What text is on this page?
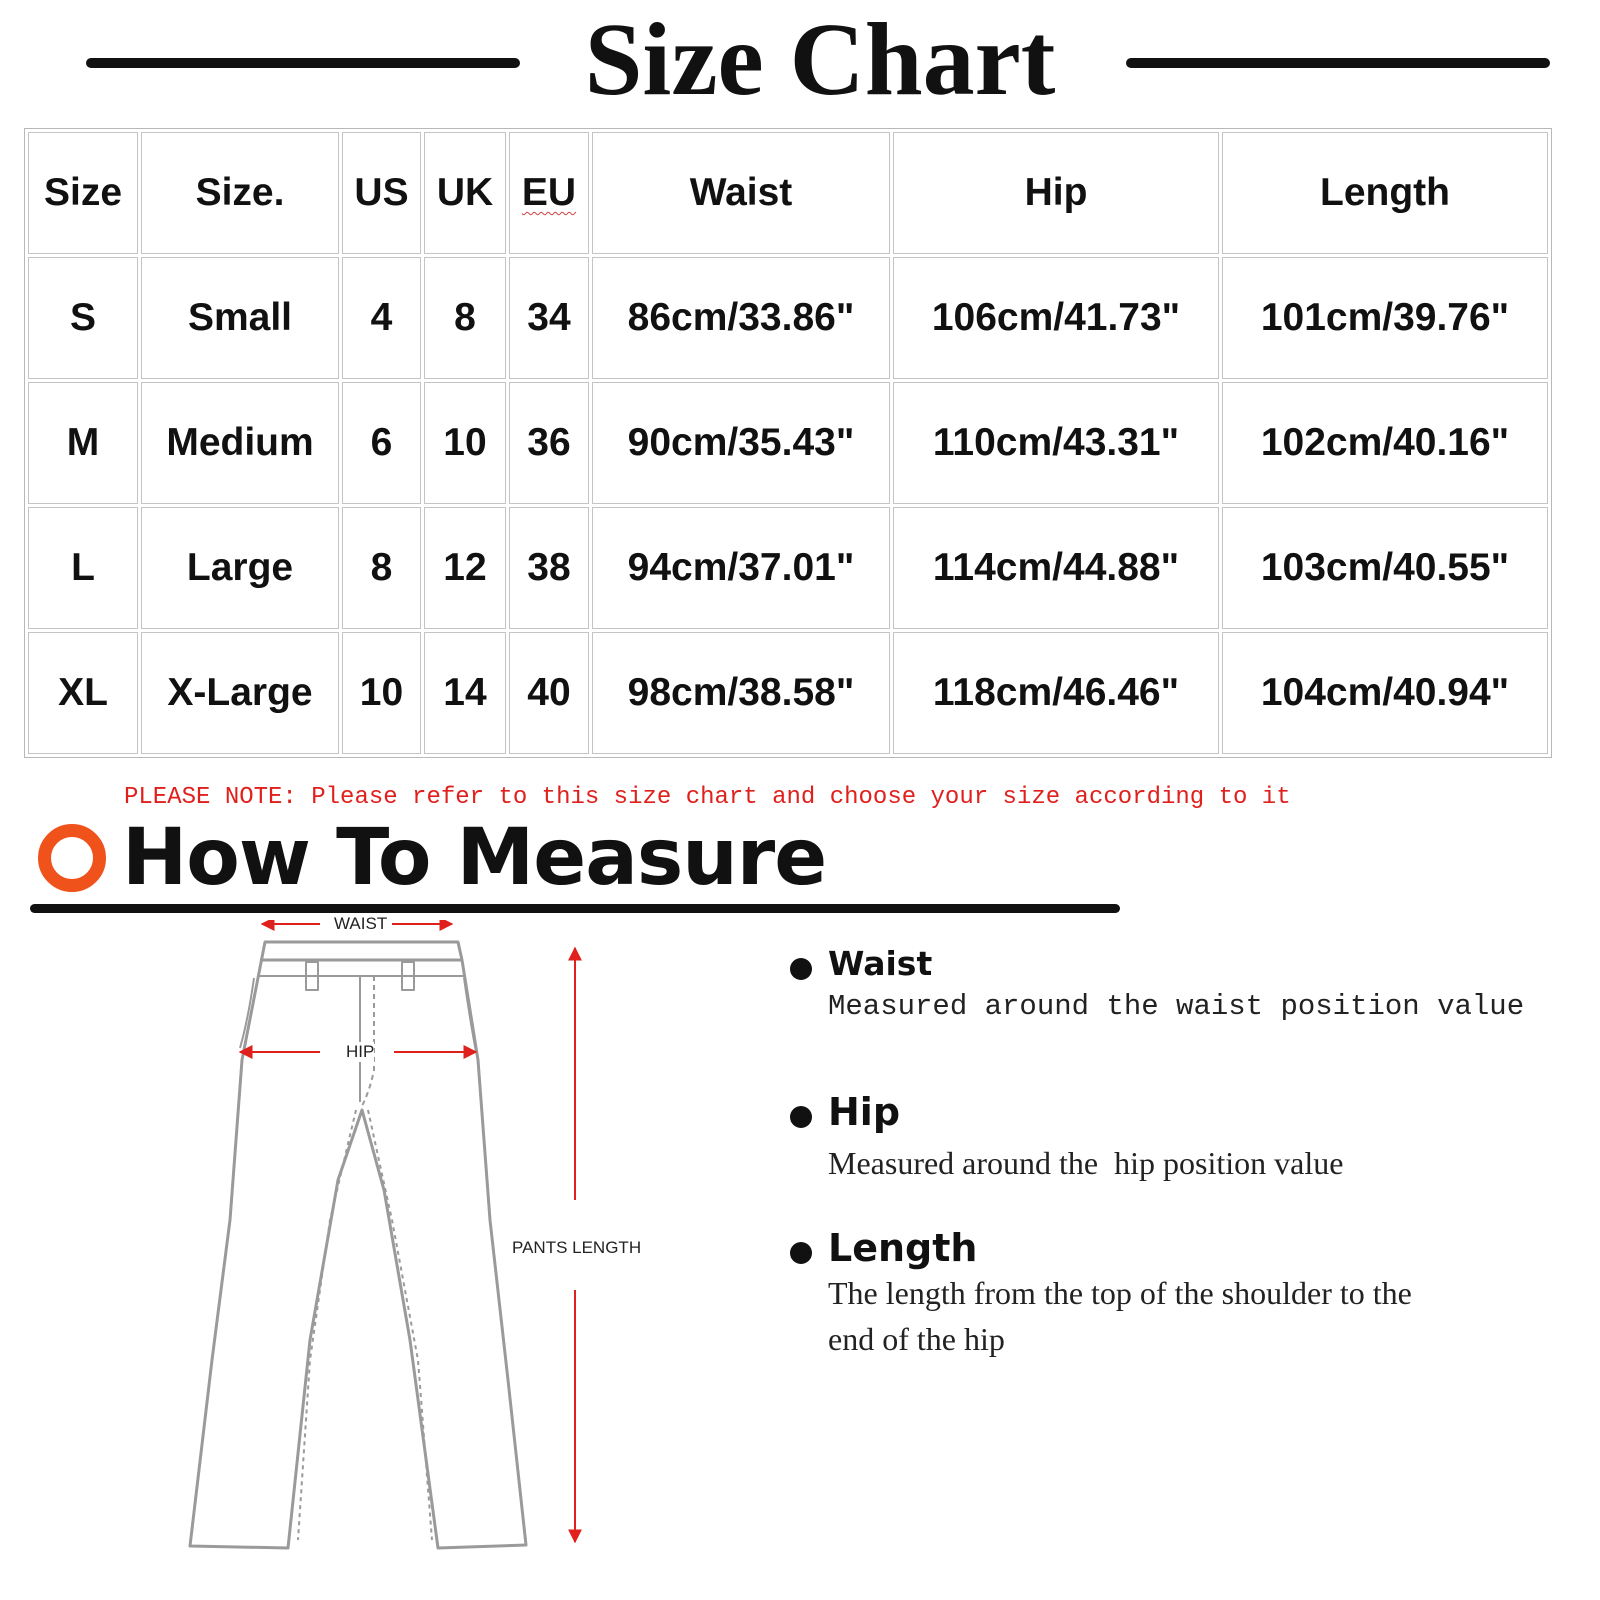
Size Chart
Size	Size.	US	UK	EU	Waist	Hip	Length
S	Small	4	8	34	86cm/33.86"	106cm/41.73"	101cm/39.76"
M	Medium	6	10	36	90cm/35.43"	110cm/43.31"	102cm/40.16"
L	Large	8	12	38	94cm/37.01"	114cm/44.88"	103cm/40.55"
XL	X-Large	10	14	40	98cm/38.58"	118cm/46.46"	104cm/40.94"
PLEASE NOTE: Please refer to this size chart and choose your size according to it
How To Measure
WAIST
HIP
PANTS LENGTH
Waist
Measured around the waist position value
Hip
Measured around the  hip position value
Length
The length from the top of the shoulder to the end of the hip
